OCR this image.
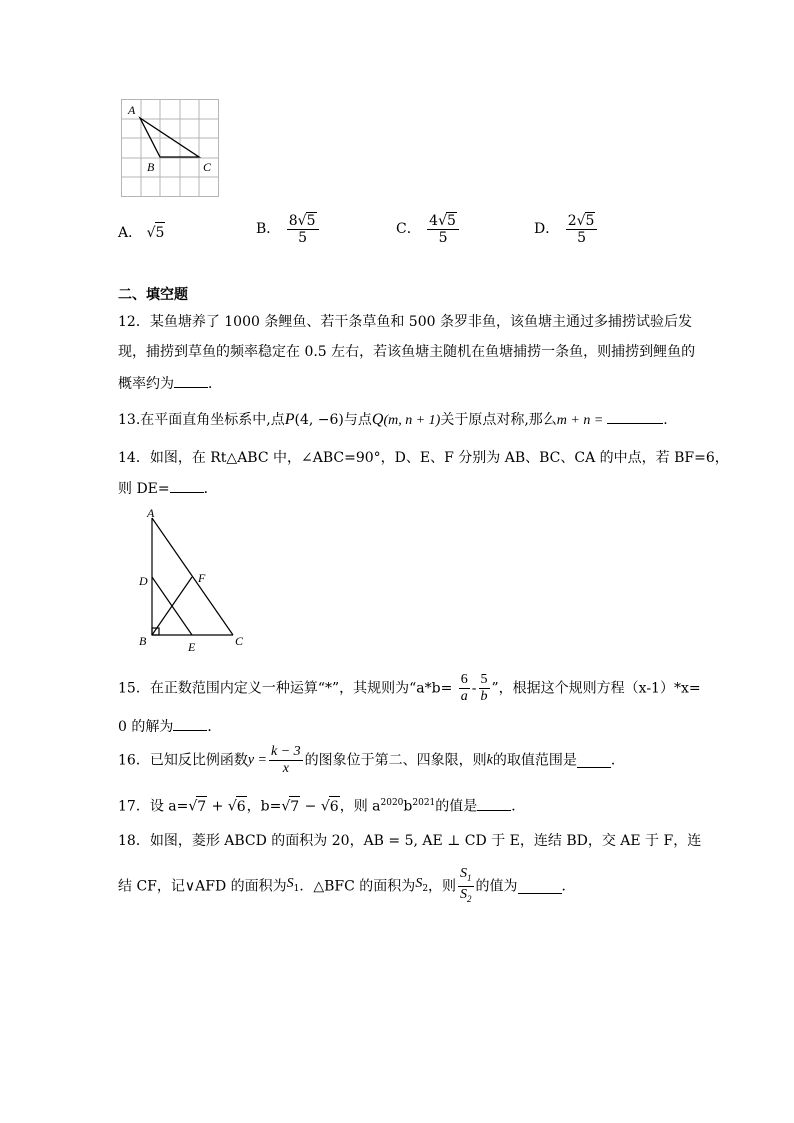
A
B	C
A． √5	B． $\frac{8√5}{5}$	C． $\frac{4√5}{5}$	D． $\frac{2√5}{5}$
二、填空题
12．某鱼塘养了 1000 条鲤鱼、若干条草鱼和 500 条罗非鱼，该鱼塘主通过多捕捞试验后发
现，捕捞到草鱼的频率稳定在 0.5 左右，若该鱼塘主随机在鱼塘捕捞一条鱼，则捕捞到鲤鱼的
概率约为 ．
13.在平面直角坐标系中,点P(4, −6)与点Q(m, n + 1)关于原点对称,那么m + n =	.
14．如图，在 Rt△ABC 中，∠ABC=90°，D、E、F 分别为 AB、BC、CA 的中点，若 BF=6，
则 DE= ．
A
D	F
B	E	C
15．在正数范围内定义一种运算“*”，其规则为“$a*b= \frac{6}{a} - \frac{5}{b}$ ”，根据这个规则方程（x-1）*x=
0 的解为 ．
16．已知反比例函数$y = \frac{k - 3}{x}$ 的图象位于第二、四象限，则k的取值范围是 ．
17．设 a=√7 + √6，b=√7 − √6，则 $a^{2020}b^{2021}$的值是 ．
18．如图，菱形 ABCD 的面积为 20，AB = 5, AE ⊥ CD 于 E，连结 BD，交 AE 于 F，连
结 CF，记∨AFD 的面积为$S_1$．△BFC 的面积为$S_2$，则 $\frac{S_1}{S_2}$ 的值为	．
